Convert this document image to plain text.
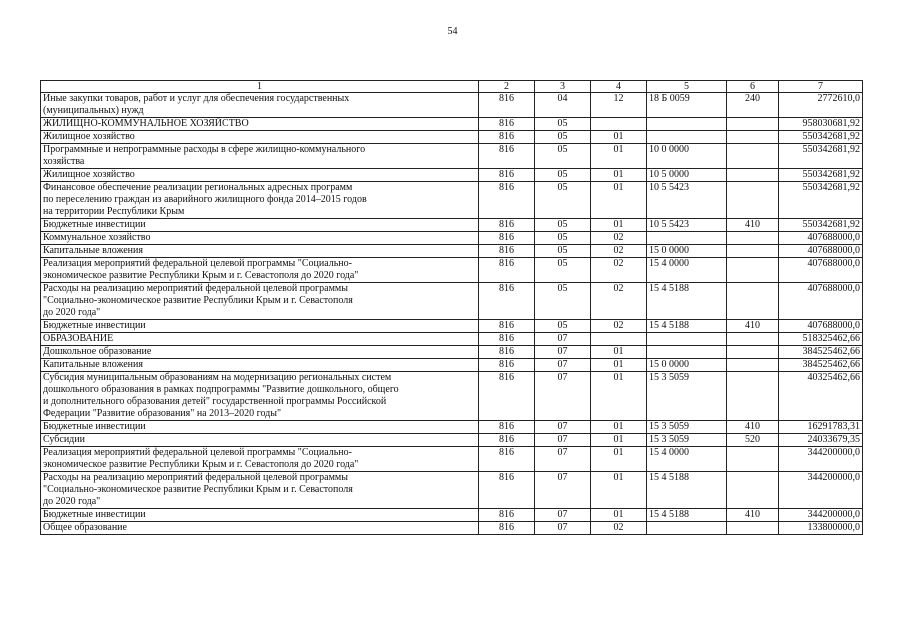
54
1	2	3	4	5	6	7

Иные закупки товаров, работ и услуг для обеспечения государственных
(муниципальных) нужд	816	04	12	18 Б 0059	240	2772610,0

ЖИЛИЩНО-КОММУНАЛЬНОЕ ХОЗЯЙСТВО	816	05				958030681,92

Жилищное хозяйство	816	05	01			550342681,92

Программные и непрограммные расходы в сфере жилищно-коммунального
хозяйства	816	05	01	10 0 0000		550342681,92

Жилищное хозяйство	816	05	01	10 5 0000		550342681,92

Финансовое обеспечение реализации региональных адресных программ
по переселению граждан из аварийного жилищного фонда 2014–2015 годов
на территории Республики Крым	816	05	01	10 5 5423		550342681,92

Бюджетные инвестиции	816	05	01	10 5 5423	410	550342681,92

Коммунальное хозяйство	816	05	02			407688000,0

Капитальные вложения	816	05	02	15 0 0000		407688000,0

Реализация мероприятий федеральной целевой программы "Социально-
экономическое развитие Республики Крым и г. Севастополя до 2020 года"	816	05	02	15 4 0000		407688000,0

Расходы на реализацию мероприятий федеральной целевой программы
"Социально-экономическое развитие Республики Крым и г. Севастополя
до 2020 года"	816	05	02	15 4 5188		407688000,0

Бюджетные инвестиции	816	05	02	15 4 5188	410	407688000,0

ОБРАЗОВАНИЕ	816	07				518325462,66

Дошкольное образование	816	07	01			384525462,66

Капитальные вложения	816	07	01	15 0 0000		384525462,66

Субсидия муниципальным образованиям на модернизацию региональных систем
дошкольного образования в рамках подпрограммы "Развитие дошкольного, общего
и дополнительного образования детей" государственной программы Российской
Федерации "Развитие образования" на 2013–2020 годы"	816	07	01	15 3 5059		40325462,66

Бюджетные инвестиции	816	07	01	15 3 5059	410	16291783,31

Субсидии	816	07	01	15 3 5059	520	24033679,35

Реализация мероприятий федеральной целевой программы "Социально-
экономическое развитие Республики Крым и г. Севастополя до 2020 года"	816	07	01	15 4 0000		344200000,0

Расходы на реализацию мероприятий федеральной целевой программы
"Социально-экономическое развитие Республики Крым и г. Севастополя
до 2020 года"	816	07	01	15 4 5188		344200000,0

Бюджетные инвестиции	816	07	01	15 4 5188	410	344200000,0

Общее образование	816	07	02			133800000,0
